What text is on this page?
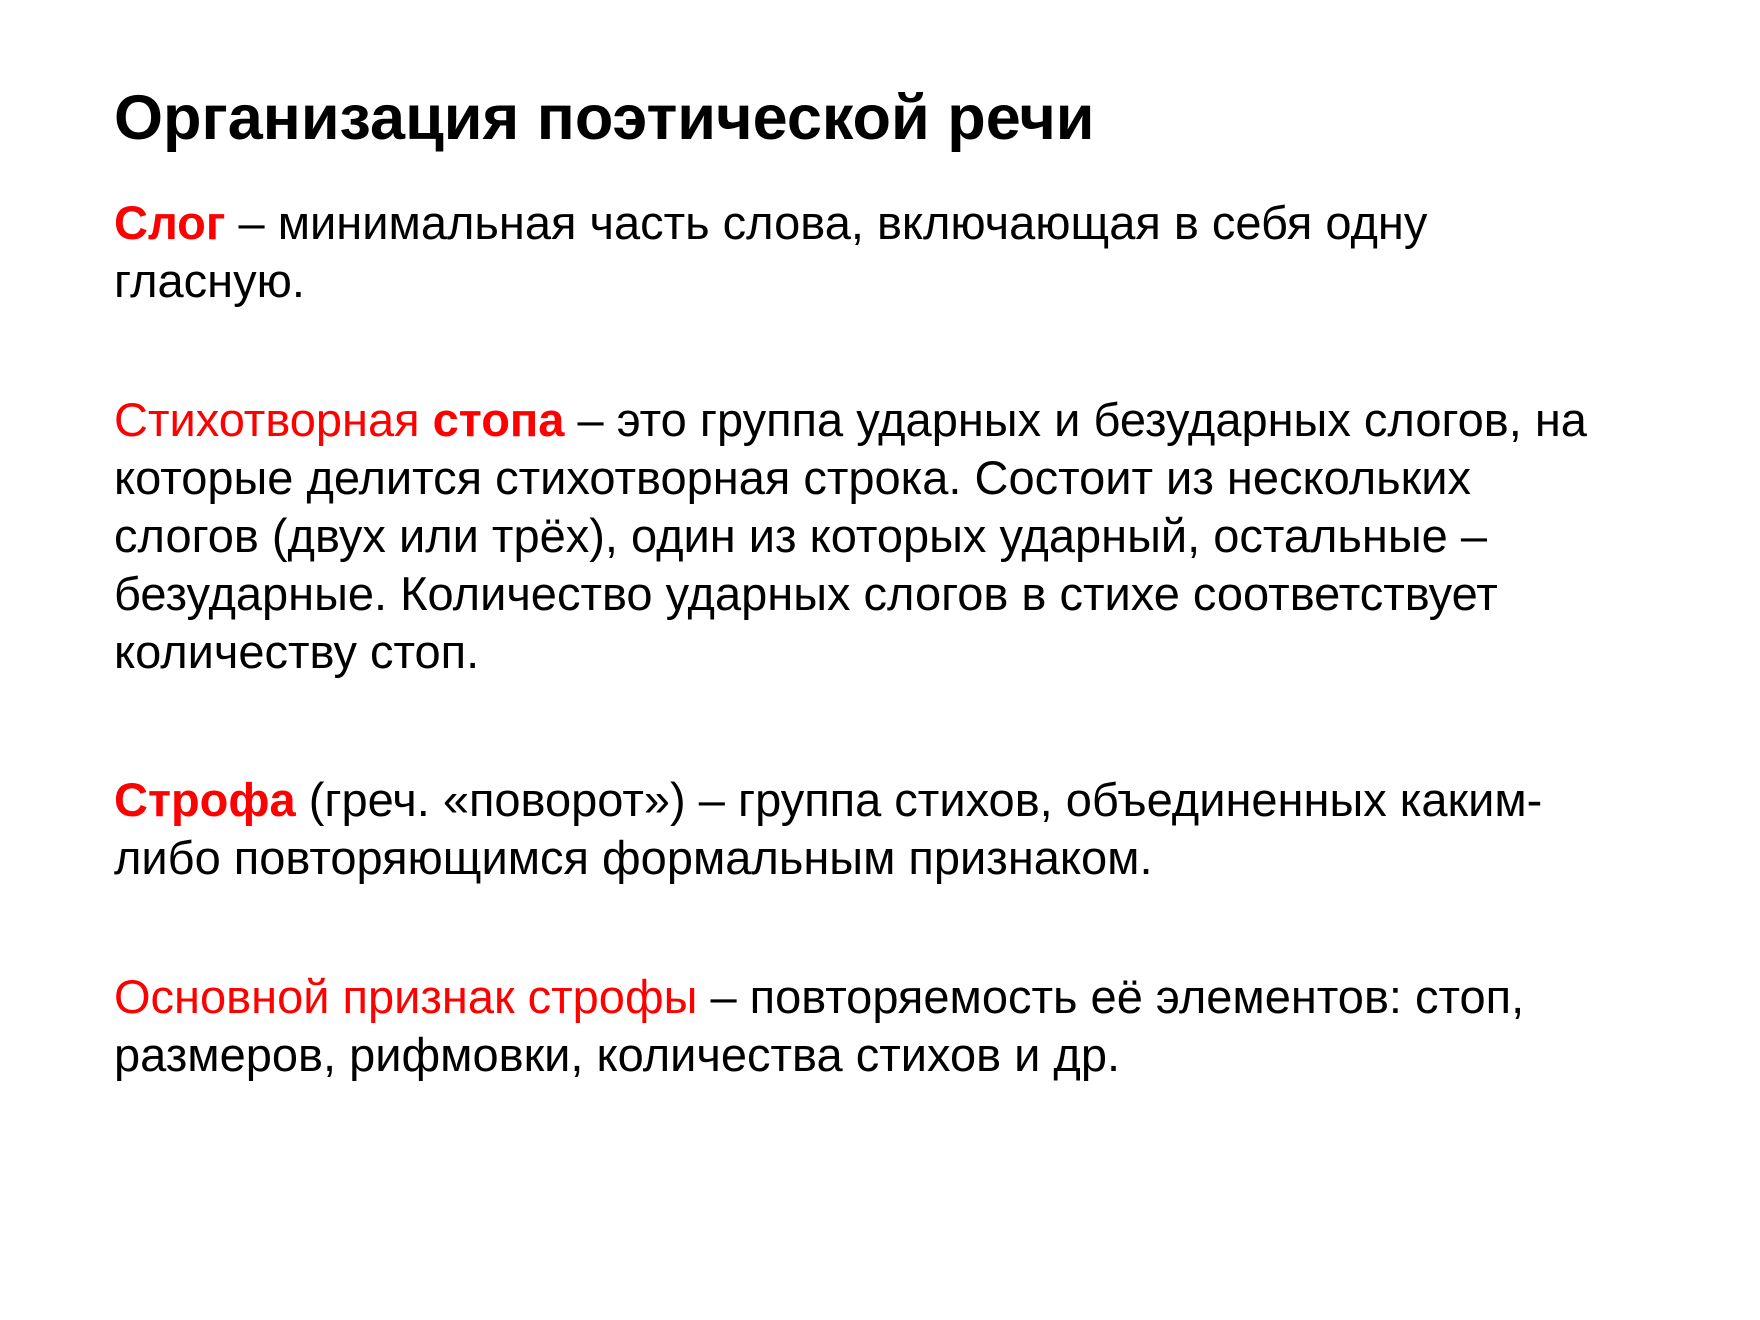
Организация поэтической речи

Слог – минимальная часть слова, включающая в себя одну
гласную.

Стихотворная стопа – это группа ударных и безударных слогов, на
которые делится стихотворная строка. Состоит из нескольких
слогов (двух или трёх), один из которых ударный, остальные –
безударные. Количество ударных слогов в стихе соответствует
количеству стоп.

Строфа (греч. «поворот») – группа стихов, объединенных каким-
либо повторяющимся формальным признаком.

Основной признак строфы – повторяемость её элементов: стоп,
размеров, рифмовки, количества стихов и др.
